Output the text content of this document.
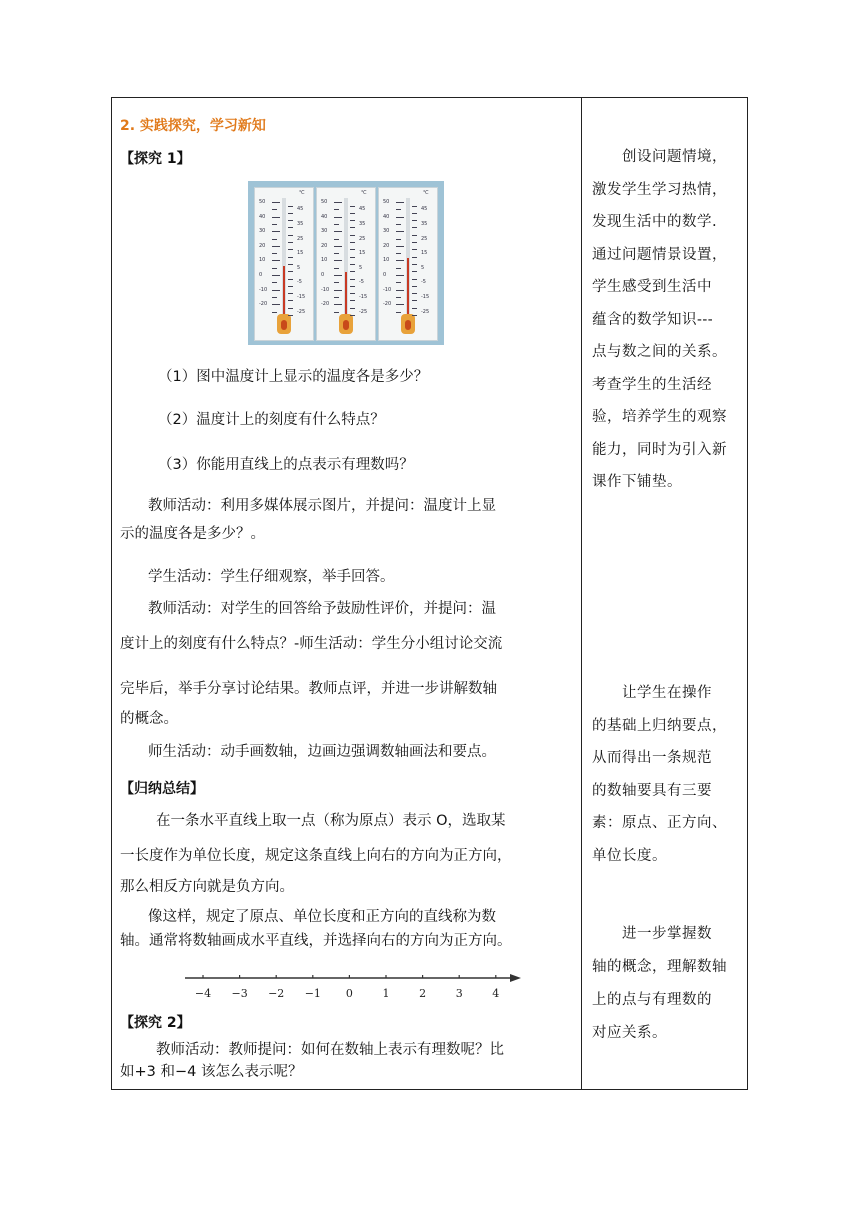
2. 实践探究，学习新知
【探究 1】
50
45
40
35
30
25
20
15
10
5
0
-5
-10
-15
-20
-25
℃
50
45
40
35
30
25
20
15
10
5
0
-5
-10
-15
-20
-25
℃
50
45
40
35
30
25
20
15
10
5
0
-5
-10
-15
-20
-25
℃
（1）图中温度计上显示的温度各是多少？
（2）温度计上的刻度有什么特点？
（3）你能用直线上的点表示有理数吗？
教师活动：利用多媒体展示图片，并提问：温度计上显
示的温度各是多少？。
学生活动：学生仔细观察，举手回答。
教师活动：对学生的回答给予鼓励性评价，并提问：温
度计上的刻度有什么特点？-师生活动：学生分小组讨论交流
完毕后，举手分享讨论结果。教师点评，并进一步讲解数轴
的概念。
师生活动：动手画数轴，边画边强调数轴画法和要点。
【归纳总结】
在一条水平直线上取一点（称为原点）表示 O，选取某
一长度作为单位长度，规定这条直线上向右的方向为正方向，
那么相反方向就是负方向。
像这样，规定了原点、单位长度和正方向的直线称为数
轴。通常将数轴画成水平直线，并选择向右的方向为正方向。
−4 −3 −2 −1 0	1	2	3	4
【探究 2】
教师活动：教师提问：如何在数轴上表示有理数呢？比
如+3 和−4 该怎么表示呢？
创设问题情境，
激发学生学习热情，
发现生活中的数学.
通过问题情景设置，
学生感受到生活中
蕴含的数学知识---
点与数之间的关系。
考查学生的生活经
验，培养学生的观察
能力，同时为引入新
课作下铺垫。
让学生在操作
的基础上归纳要点，
从而得出一条规范
的数轴要具有三要
素：原点、正方向、
单位长度。
进一步掌握数
轴的概念，理解数轴
上的点与有理数的
对应关系。
